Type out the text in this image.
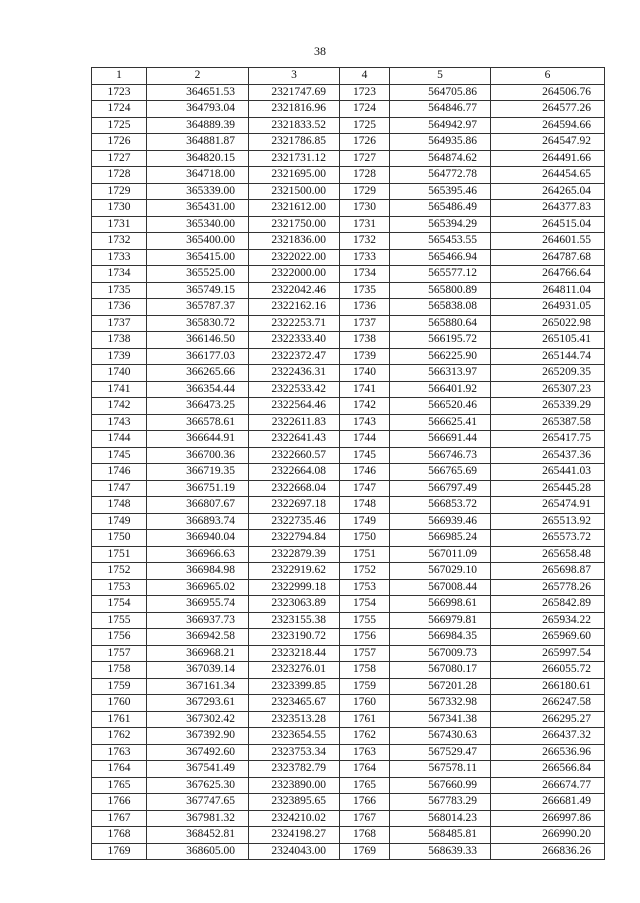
38
1	2	3	4	5	6
1723	364651.53	2321747.69	1723	564705.86	264506.76
1724	364793.04	2321816.96	1724	564846.77	264577.26
1725	364889.39	2321833.52	1725	564942.97	264594.66
1726	364881.87	2321786.85	1726	564935.86	264547.92
1727	364820.15	2321731.12	1727	564874.62	264491.66
1728	364718.00	2321695.00	1728	564772.78	264454.65
1729	365339.00	2321500.00	1729	565395.46	264265.04
1730	365431.00	2321612.00	1730	565486.49	264377.83
1731	365340.00	2321750.00	1731	565394.29	264515.04
1732	365400.00	2321836.00	1732	565453.55	264601.55
1733	365415.00	2322022.00	1733	565466.94	264787.68
1734	365525.00	2322000.00	1734	565577.12	264766.64
1735	365749.15	2322042.46	1735	565800.89	264811.04
1736	365787.37	2322162.16	1736	565838.08	264931.05
1737	365830.72	2322253.71	1737	565880.64	265022.98
1738	366146.50	2322333.40	1738	566195.72	265105.41
1739	366177.03	2322372.47	1739	566225.90	265144.74
1740	366265.66	2322436.31	1740	566313.97	265209.35
1741	366354.44	2322533.42	1741	566401.92	265307.23
1742	366473.25	2322564.46	1742	566520.46	265339.29
1743	366578.61	2322611.83	1743	566625.41	265387.58
1744	366644.91	2322641.43	1744	566691.44	265417.75
1745	366700.36	2322660.57	1745	566746.73	265437.36
1746	366719.35	2322664.08	1746	566765.69	265441.03
1747	366751.19	2322668.04	1747	566797.49	265445.28
1748	366807.67	2322697.18	1748	566853.72	265474.91
1749	366893.74	2322735.46	1749	566939.46	265513.92
1750	366940.04	2322794.84	1750	566985.24	265573.72
1751	366966.63	2322879.39	1751	567011.09	265658.48
1752	366984.98	2322919.62	1752	567029.10	265698.87
1753	366965.02	2322999.18	1753	567008.44	265778.26
1754	366955.74	2323063.89	1754	566998.61	265842.89
1755	366937.73	2323155.38	1755	566979.81	265934.22
1756	366942.58	2323190.72	1756	566984.35	265969.60
1757	366968.21	2323218.44	1757	567009.73	265997.54
1758	367039.14	2323276.01	1758	567080.17	266055.72
1759	367161.34	2323399.85	1759	567201.28	266180.61
1760	367293.61	2323465.67	1760	567332.98	266247.58
1761	367302.42	2323513.28	1761	567341.38	266295.27
1762	367392.90	2323654.55	1762	567430.63	266437.32
1763	367492.60	2323753.34	1763	567529.47	266536.96
1764	367541.49	2323782.79	1764	567578.11	266566.84
1765	367625.30	2323890.00	1765	567660.99	266674.77
1766	367747.65	2323895.65	1766	567783.29	266681.49
1767	367981.32	2324210.02	1767	568014.23	266997.86
1768	368452.81	2324198.27	1768	568485.81	266990.20
1769	368605.00	2324043.00	1769	568639.33	266836.26
